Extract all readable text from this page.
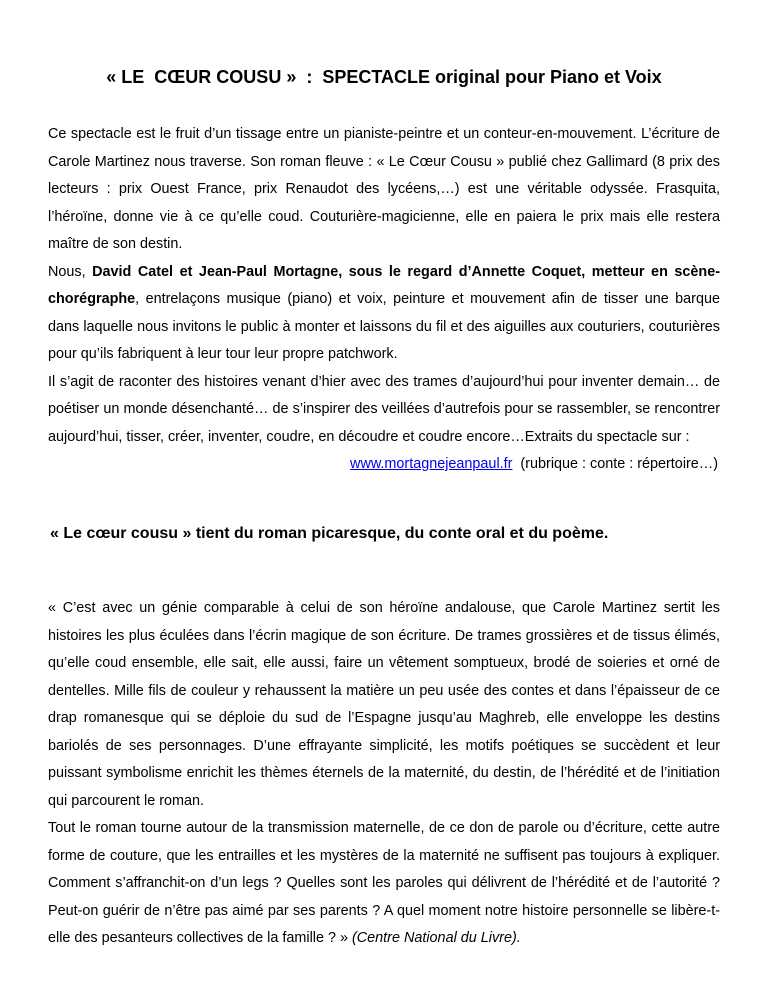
« LE  CŒUR COUSU »  :  SPECTACLE original pour Piano et Voix

Ce spectacle est le fruit d’un tissage entre un pianiste-peintre et un conteur-en-mouvement. L’écriture de Carole Martinez nous traverse. Son roman fleuve : « Le Cœur Cousu » publié chez Gallimard (8 prix des lecteurs : prix Ouest France, prix Renaudot des lycéens,…) est une véritable odyssée. Frasquita, l’héroïne, donne vie à ce qu’elle coud. Couturière-magicienne, elle en paiera le prix mais elle restera maître de son destin.

Nous, David Catel et Jean-Paul Mortagne, sous le regard d’Annette Coquet, metteur en scène-chorégraphe, entrelaçons musique (piano) et voix, peinture et mouvement afin de tisser une barque dans laquelle nous invitons le public à monter et laissons du fil et des aiguilles aux couturiers, couturières pour qu’ils fabriquent à leur tour leur propre patchwork.

Il s’agit de raconter des histoires venant d’hier avec des trames d’aujourd’hui pour inventer demain… de poétiser un monde désenchanté… de s’inspirer des veillées d’autrefois pour se rassembler, se rencontrer aujourd’hui, tisser, créer, inventer, coudre, en découdre et coudre encore…Extraits du spectacle sur :

www.mortagnejeanpaul.fr  (rubrique : conte : répertoire…)

« Le cœur cousu » tient du roman picaresque, du conte oral et du poème.

« C’est avec un génie comparable à celui de son héroïne andalouse, que Carole Martinez sertit les histoires les plus éculées dans l’écrin magique de son écriture. De trames grossières et de tissus élimés, qu’elle coud ensemble, elle sait, elle aussi, faire un vêtement somptueux, brodé de soieries et orné de dentelles. Mille fils de couleur y rehaussent la matière un peu usée des contes et dans l’épaisseur de ce drap romanesque qui se déploie du sud de l’Espagne jusqu’au Maghreb, elle enveloppe les destins bariolés de ses personnages. D’une effrayante simplicité, les motifs poétiques se succèdent et leur puissant symbolisme enrichit les thèmes éternels de la maternité, du destin, de l’hérédité et de l’initiation qui parcourent le roman.

Tout le roman tourne autour de la transmission maternelle, de ce don de parole ou d’écriture, cette autre forme de couture, que les entrailles et les mystères de la maternité ne suffisent pas toujours à expliquer. Comment s’affranchit-on d’un legs ? Quelles sont les paroles qui délivrent de l’hérédité et de l’autorité ? Peut-on guérir de n’être pas aimé par ses parents ? A quel moment notre histoire personnelle se libère-t-elle des pesanteurs collectives de la famille ? » (Centre National du Livre).
